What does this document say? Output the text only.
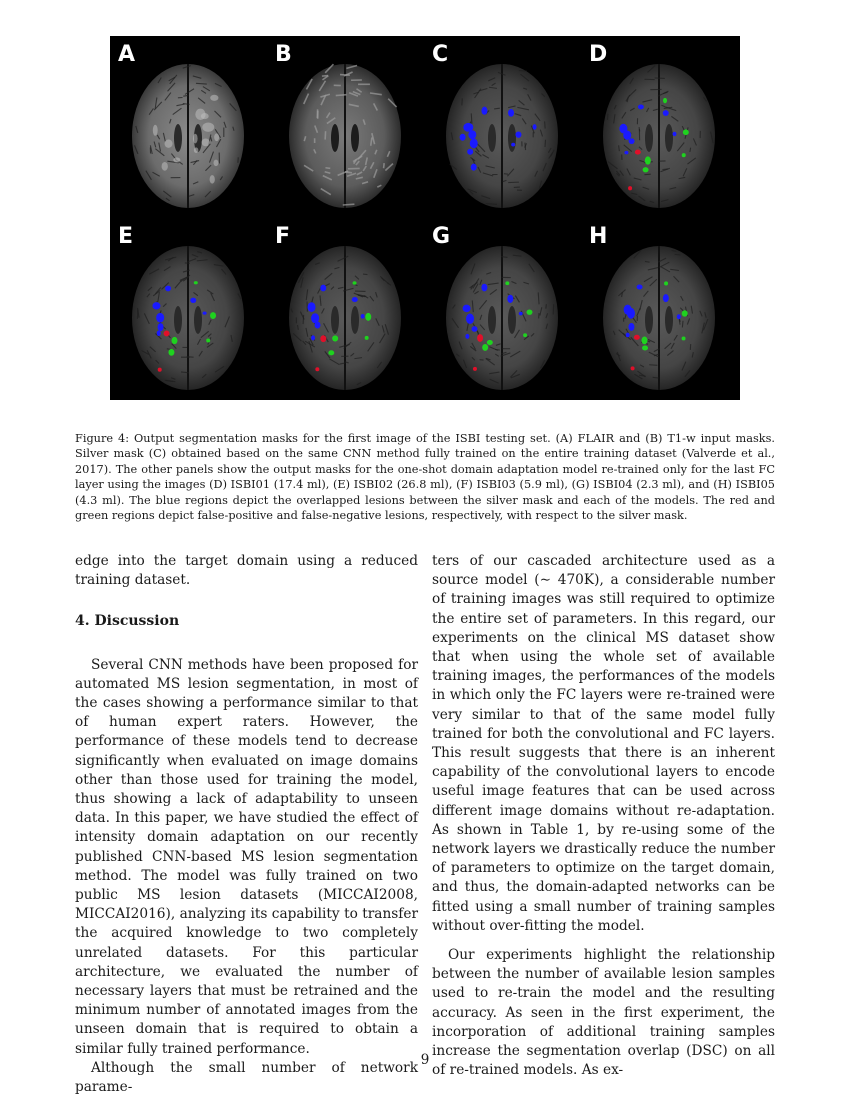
A	B	C	D
E	F	G	H

Figure 4: Output segmentation masks for the first image of the ISBI testing set. (A) FLAIR and (B) T1-w input masks. Silver mask (C) obtained based on the same CNN method fully trained on the entire training dataset (Valverde et al., 2017). The other panels show the output masks for the one-shot domain adaptation model re-trained only for the last FC layer using the images (D) ISBI01 (17.4 ml), (E) ISBI02 (26.8 ml), (F) ISBI03 (5.9 ml), (G) ISBI04 (2.3 ml), and (H) ISBI05 (4.3 ml). The blue regions depict the overlapped lesions between the silver mask and each of the models. The red and green regions depict false-positive and false-negative lesions, respectively, with respect to the silver mask.

edge into the target domain using a reduced training dataset.

4. Discussion

Several CNN methods have been proposed for automated MS lesion segmentation, in most of the cases showing a performance similar to that of human expert raters. However, the performance of these models tend to decrease significantly when evaluated on image domains other than those used for training the model, thus showing a lack of adaptability to unseen data. In this paper, we have studied the effect of intensity domain adaptation on our recently published CNN-based MS lesion segmentation method. The model was fully trained on two public MS lesion datasets (MICCAI2008, MICCAI2016), analyzing its capability to transfer the acquired knowledge to two completely unrelated datasets. For this particular architecture, we evaluated the number of necessary layers that must be retrained and the minimum number of annotated images from the unseen domain that is required to obtain a similar fully trained performance.

Although the small number of network parame-

ters of our cascaded architecture used as a source model (∼ 470K), a considerable number of training images was still required to optimize the entire set of parameters. In this regard, our experiments on the clinical MS dataset show that when using the whole set of available training images, the performances of the models in which only the FC layers were re-trained were very similar to that of the same model fully trained for both the convolutional and FC layers. This result suggests that there is an inherent capability of the convolutional layers to encode useful image features that can be used across different image domains without re-adaptation. As shown in Table 1, by re-using some of the network layers we drastically reduce the number of parameters to optimize on the target domain, and thus, the domain-adapted networks can be fitted using a small number of training samples without over-fitting the model.

Our experiments highlight the relationship between the number of available lesion samples used to re-train the model and the resulting accuracy. As seen in the first experiment, the incorporation of additional training samples increase the segmentation overlap (DSC) on all of re-trained models. As ex-

9
